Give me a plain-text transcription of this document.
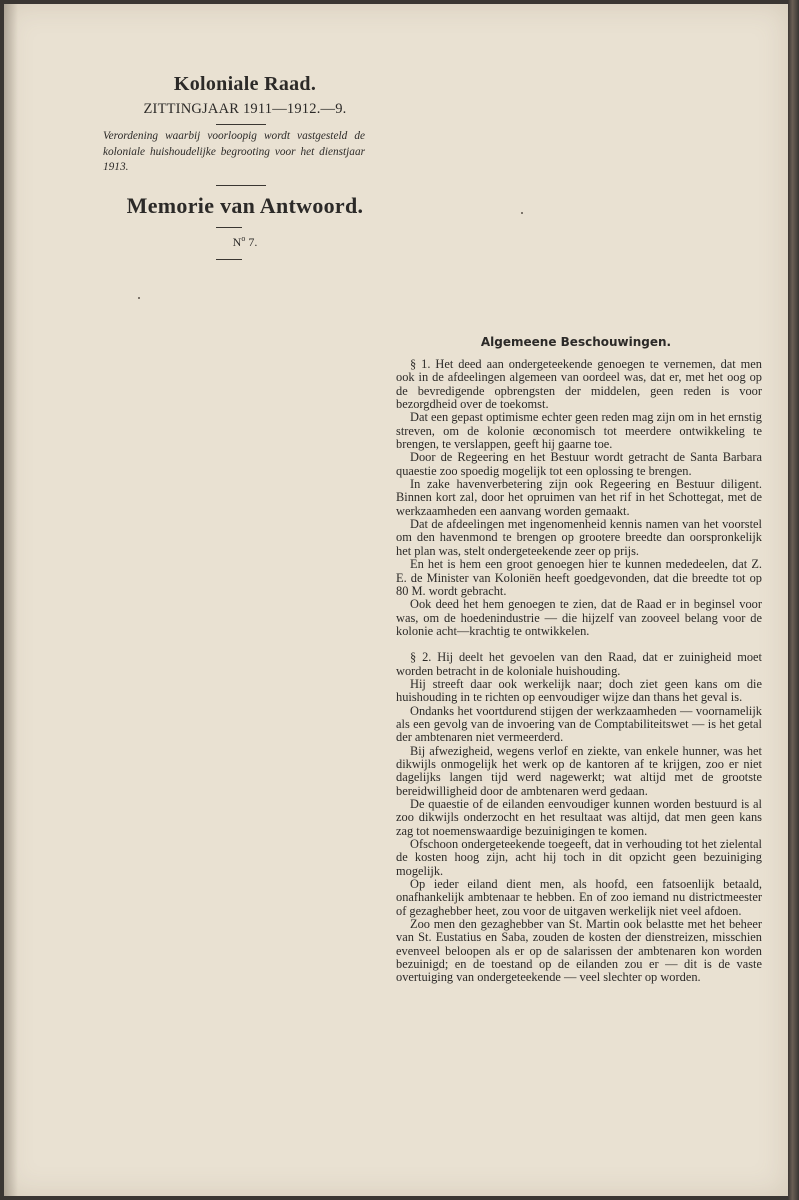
Koloniale Raad.
ZITTINGJAAR 1911—1912.—9.
Verordening waarbij voorloopig wordt vastgesteld de koloniale huishoudelijke begrooting voor het dienstjaar 1913.
Memorie van Antwoord.
$N^o$ 7.
Algemeene Beschouwingen.

§ 1. Het deed aan ondergeteekende genoegen te vernemen, dat men ook in de afdeelingen algemeen van oordeel was, dat er, met het oog op de bevredigende opbrengsten der middelen, geen reden is voor bezorgdheid over de toekomst.

Dat een gepast optimisme echter geen reden mag zijn om in het ernstig streven, om de kolonie œconomisch tot meerdere ontwikkeling te brengen, te verslappen, geeft hij gaarne toe.

Door de Regeering en het Bestuur wordt getracht de Santa Barbara quaestie zoo spoedig mogelijk tot een oplossing te brengen.

In zake havenverbetering zijn ook Regeering en Bestuur diligent. Binnen kort zal, door het opruimen van het rif in het Schottegat, met de werkzaamheden een aanvang worden gemaakt.

Dat de afdeelingen met ingenomenheid kennis namen van het voorstel om den havenmond te brengen op grootere breedte dan oorspronkelijk het plan was, stelt ondergeteekende zeer op prijs.

En het is hem een groot genoegen hier te kunnen mededeelen, dat Z. E. de Minister van Koloniën heeft goedgevonden, dat die breedte tot op 80 M. wordt gebracht.

Ook deed het hem genoegen te zien, dat de Raad er in beginsel voor was, om de hoedenindustrie — die hijzelf van zooveel belang voor de kolonie acht—krachtig te ontwikkelen.

§ 2. Hij deelt het gevoelen van den Raad, dat er zuinigheid moet worden betracht in de koloniale huishouding.

Hij streeft daar ook werkelijk naar; doch ziet geen kans om die huishouding in te richten op eenvoudiger wijze dan thans het geval is.

Ondanks het voortdurend stijgen der werkzaamheden — voornamelijk als een gevolg van de invoering van de Comptabiliteitswet — is het getal der ambtenaren niet vermeerderd.

Bij afwezigheid, wegens verlof en ziekte, van enkele hunner, was het dikwijls onmogelijk het werk op de kantoren af te krijgen, zoo er niet dagelijks langen tijd werd nagewerkt; wat altijd met de grootste bereidwilligheid door de ambtenaren werd gedaan.

De quaestie of de eilanden eenvoudiger kunnen worden bestuurd is al zoo dikwijls onderzocht en het resultaat was altijd, dat men geen kans zag tot noemenswaardige bezuinigingen te komen.

Ofschoon ondergeteekende toegeeft, dat in verhouding tot het zielental de kosten hoog zijn, acht hij toch in dit opzicht geen bezuiniging mogelijk.

Op ieder eiland dient men, als hoofd, een fatsoenlijk betaald, onafhankelijk ambtenaar te hebben. En of zoo iemand nu districtmeester of gezaghebber heet, zou voor de uitgaven werkelijk niet veel afdoen.

Zoo men den gezaghebber van St. Martin ook belastte met het beheer van St. Eustatius en Saba, zouden de kosten der dienstreizen, misschien evenveel beloopen als er op de salarissen der ambtenaren kon worden bezuinigd; en de toestand op de eilanden zou er — dit is de vaste overtuiging van ondergeteekende — veel slechter op worden.
